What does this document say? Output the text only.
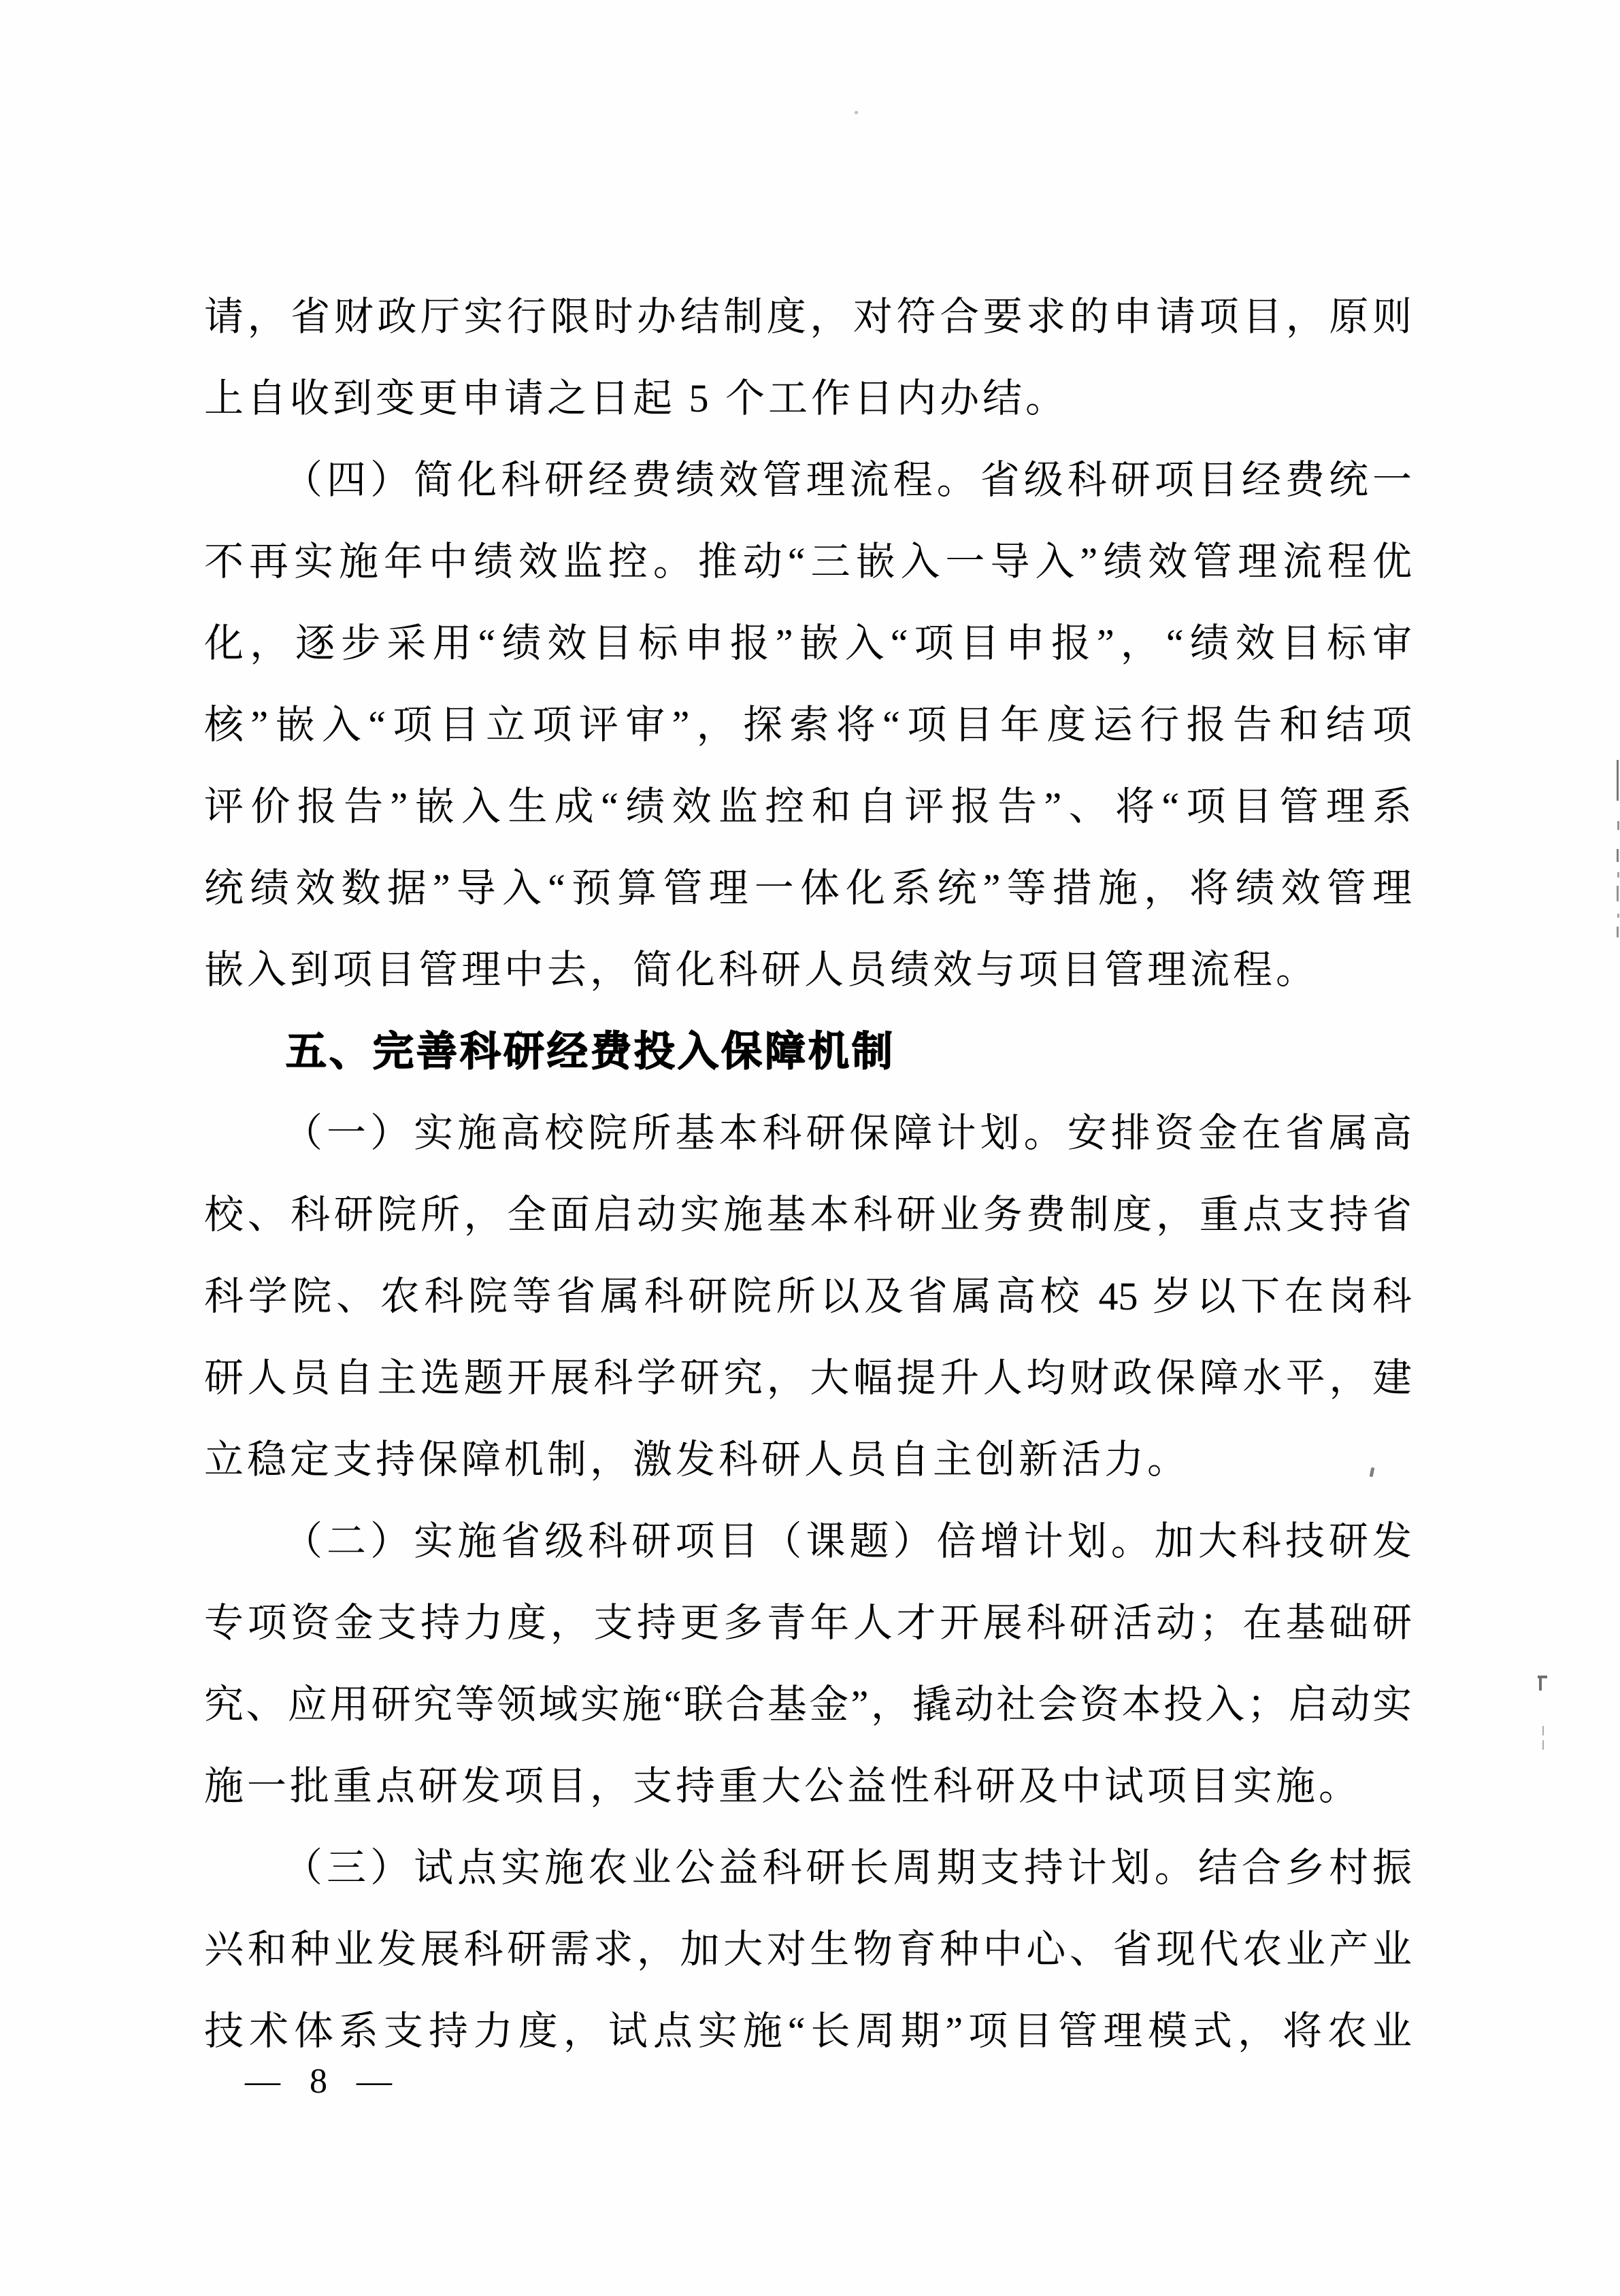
请，省财政厅实行限时办结制度，对符合要求的申请项目，原则
上自收到变更申请之日起 5 个工作日内办结。
（四）简化科研经费绩效管理流程。省级科研项目经费统一
不再实施年中绩效监控。推动“三嵌入一导入”绩效管理流程优
化，逐步采用“绩效目标申报”嵌入“项目申报”，“绩效目标审
核”嵌入“项目立项评审”，探索将“项目年度运行报告和结项
评价报告”嵌入生成“绩效监控和自评报告”、将“项目管理系
统绩效数据”导入“预算管理一体化系统”等措施，将绩效管理
嵌入到项目管理中去，简化科研人员绩效与项目管理流程。
五、完善科研经费投入保障机制
（一）实施高校院所基本科研保障计划。安排资金在省属高
校、科研院所，全面启动实施基本科研业务费制度，重点支持省
科学院、农科院等省属科研院所以及省属高校 45 岁以下在岗科
研人员自主选题开展科学研究，大幅提升人均财政保障水平，建
立稳定支持保障机制，激发科研人员自主创新活力。
（二）实施省级科研项目（课题）倍增计划。加大科技研发
专项资金支持力度，支持更多青年人才开展科研活动；在基础研
究、应用研究等领域实施“联合基金”，撬动社会资本投入；启动实
施一批重点研发项目，支持重大公益性科研及中试项目实施。
（三）试点实施农业公益科研长周期支持计划。结合乡村振
兴和种业发展科研需求，加大对生物育种中心、省现代农业产业
技术体系支持力度，试点实施“长周期”项目管理模式，将农业
— 8 —
